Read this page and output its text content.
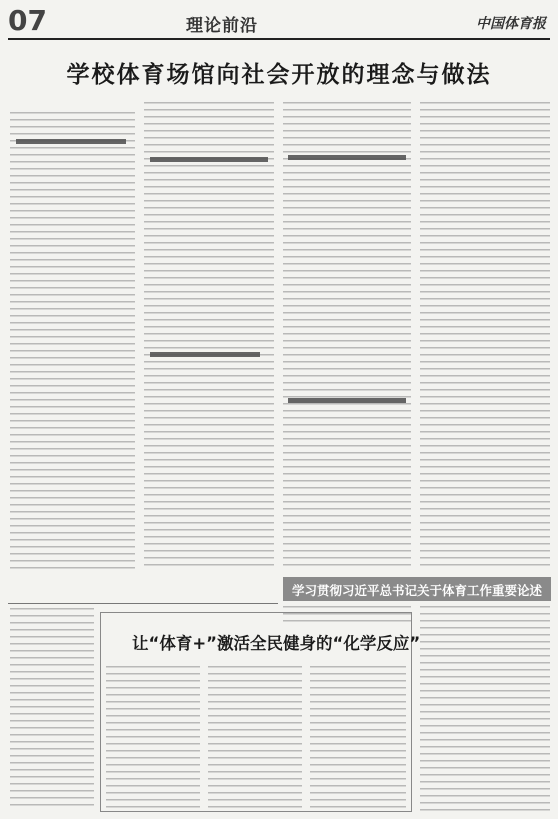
07	理论前沿	中国体育报
学校体育场馆向社会开放的理念与做法
学习贯彻习近平总书记关于体育工作重要论述
让“体育+”激活全民健身的“化学反应”
